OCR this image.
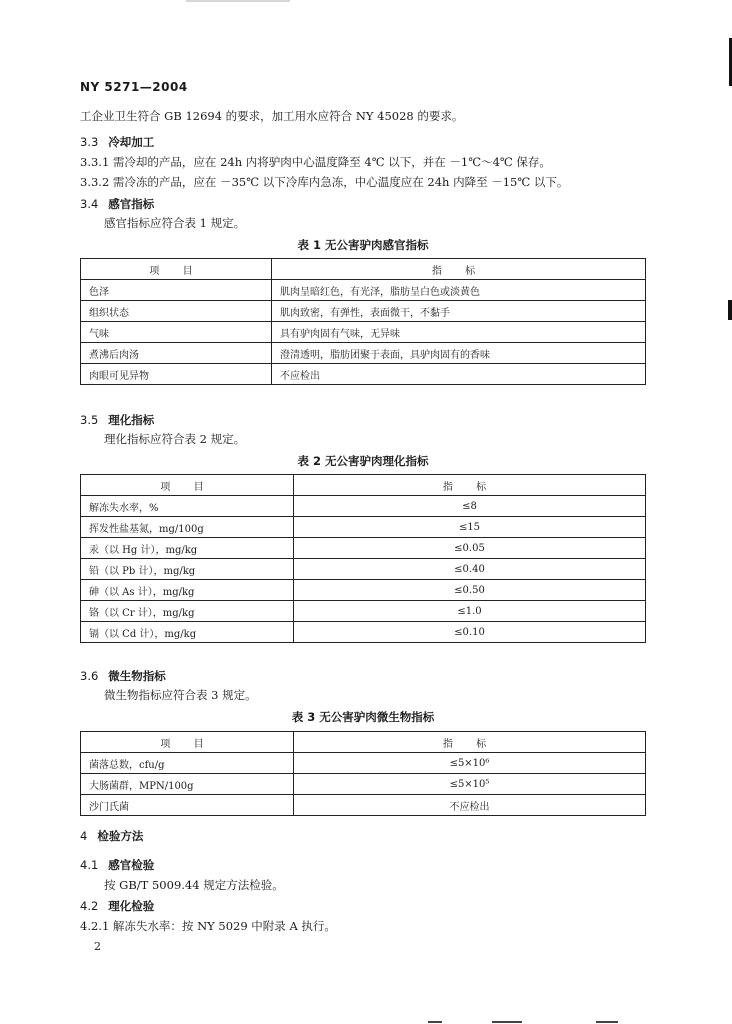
NY 5271—2004
工企业卫生符合 GB 12694 的要求，加工用水应符合 NY 45028 的要求。
3.3 冷却加工
3.3.1 需冷却的产品，应在 24h 内将驴肉中心温度降至 4℃ 以下，并在 －1℃～4℃ 保存。
3.3.2 需冷冻的产品，应在 －35℃ 以下冷库内急冻，中心温度应在 24h 内降至 －15℃ 以下。
3.4 感官指标
感官指标应符合表 1 规定。
表 1 无公害驴肉感官指标
项 目	指 标
色泽	肌肉呈暗红色，有光泽，脂肪呈白色或淡黄色
组织状态	肌肉致密，有弹性，表面微干，不黏手
气味	具有驴肉固有气味，无异味
煮沸后肉汤	澄清透明，脂肪团聚于表面，具驴肉固有的香味
肉眼可见异物	不应检出
3.5 理化指标
理化指标应符合表 2 规定。
表 2 无公害驴肉理化指标
项 目	指 标
解冻失水率，%	≤8
挥发性盐基氮，mg/100g	≤15
汞（以 Hg 计），mg/kg	≤0.05
铅（以 Pb 计），mg/kg	≤0.40
砷（以 As 计），mg/kg	≤0.50
铬（以 Cr 计），mg/kg	≤1.0
镉（以 Cd 计），mg/kg	≤0.10
3.6 微生物指标
微生物指标应符合表 3 规定。
表 3 无公害驴肉微生物指标
项 目	指 标
菌落总数，cfu/g	≤5×10⁶
大肠菌群，MPN/100g	≤5×10⁵
沙门氏菌	不应检出
4 检验方法
4.1 感官检验
按 GB/T 5009.44 规定方法检验。
4.2 理化检验
4.2.1 解冻失水率：按 NY 5029 中附录 A 执行。
2
